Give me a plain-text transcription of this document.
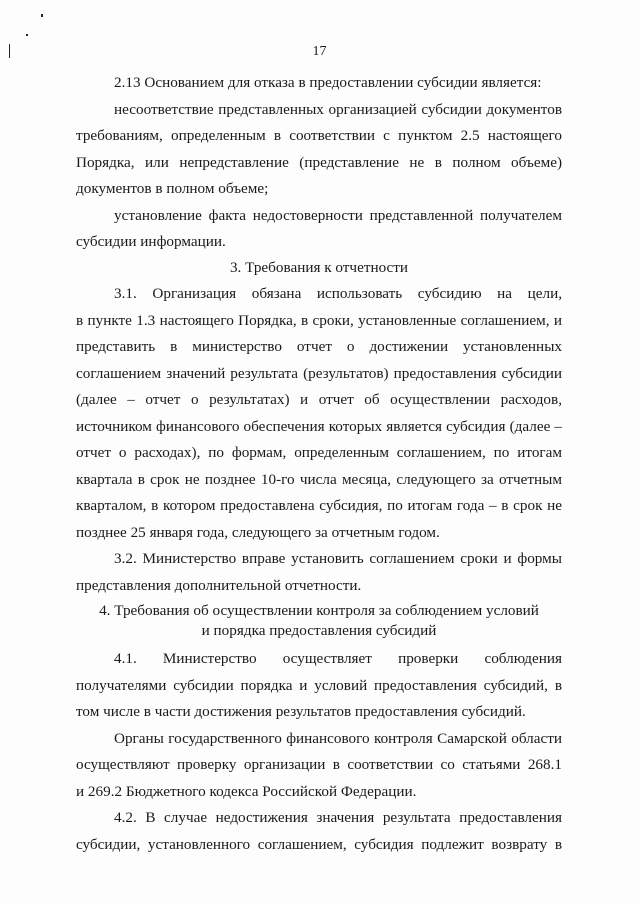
17
2.13 Основанием для отказа в предоставлении субсидии является:
несоответствие представленных организацией субсидии документов
требованиям, определенным в соответствии с пунктом 2.5 настоящего
Порядка, или непредставление (представление не в полном объеме)
документов в полном объеме;
установление факта недостоверности представленной получателем
субсидии информации.
3. Требования к отчетности
3.1. Организация обязана использовать субсидию на цели,
в пункте 1.3 настоящего Порядка, в сроки, установленные соглашением, и
представить в министерство отчет о достижении установленных
соглашением значений результата (результатов) предоставления субсидии
(далее – отчет о результатах) и отчет об осуществлении расходов,
источником финансового обеспечения которых является субсидия (далее –
отчет о расходах), по формам, определенным соглашением, по итогам
квартала в срок не позднее 10-го числа месяца, следующего за отчетным
кварталом, в котором предоставлена субсидия, по итогам года – в срок не
позднее 25 января года, следующего за отчетным годом.
3.2. Министерство вправе установить соглашением сроки и формы
представления дополнительной отчетности.
4. Требования об осуществлении контроля за соблюдением условий
и порядка предоставления субсидий
4.1. Министерство осуществляет проверки соблюдения
получателями субсидии порядка и условий предоставления субсидий, в
том числе в части достижения результатов предоставления субсидий.
Органы государственного финансового контроля Самарской области
осуществляют проверку организации в соответствии со статьями 268.1
и 269.2 Бюджетного кодекса Российской Федерации.
4.2. В случае недостижения значения результата предоставления
субсидии, установленного соглашением, субсидия подлежит возврату в
